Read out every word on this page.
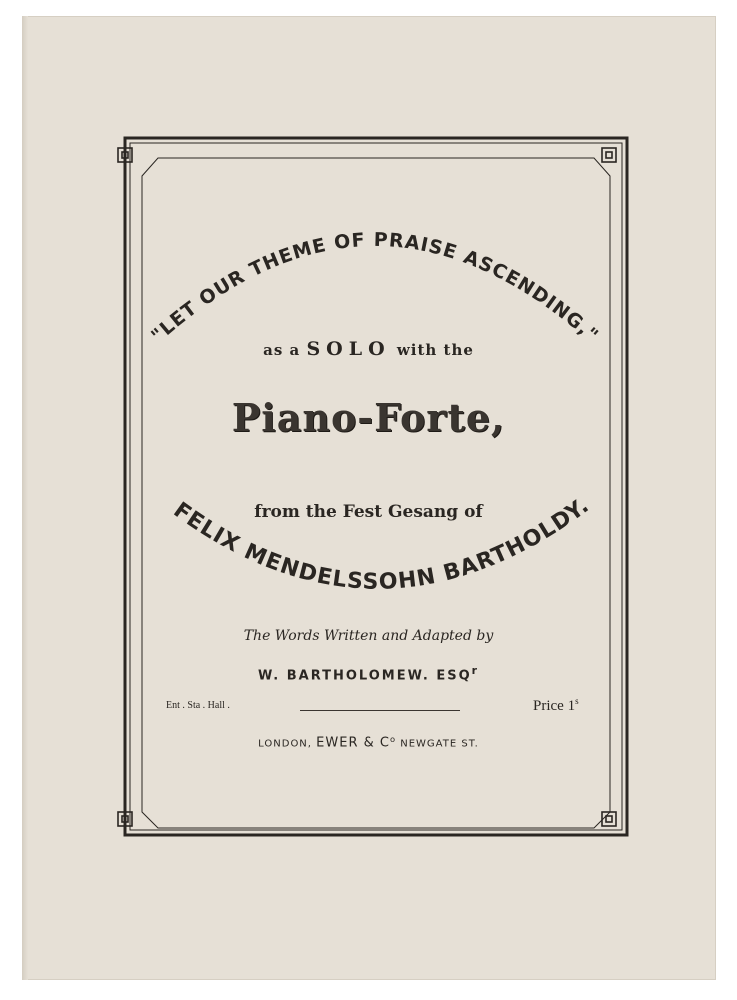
"LET OUR THEME OF PRAISE ASCENDING,"
FELIX MENDELSSOHN BARTHOLDY.
as a SOLO with the
Piano-Forte,
from the Fest Gesang of
The Words Written and Adapted by
W. BARTHOLOMEW. ESQ$^r$
Ent . Sta . Hall .	Price 1$^s$
LONDON, EWER & $C^o$ NEWGATE ST.
